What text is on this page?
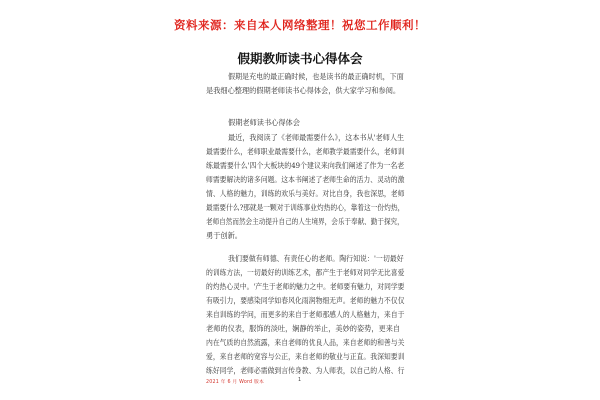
资料来源：来自本人网络整理！祝您工作顺利！
假期教师读书心得体会
假期是充电的最正确时候，也是读书的最正确时机，下面
是我细心整理的假期老师读书心得体会，供大家学习和参阅。
假期老师读书心得体会
最近，我阅读了《老师最需要什么》，这本书从'老师人生
最需要什么，老师职业最需要什么，老师教学最需要什么，老师训
练最需要什么'四个大板块的49个建议来向我们阐述了作为一名老
师需要解决的诸多问题。这本书阐述了老师生命的活力、灵动的激
情、人格的魅力，训练的欢乐与美好。对比自身，我也深思，老师
最需要什么?那就是一颗对于训练事业灼热的心，靠着这一份灼热，
老师自然而然会主动提升自己的人生境界，会乐于奉献、勤于探究，
勇于创新。
我们要做有师德、有责任心的老师。陶行知说：'一切最好
的训练方法，一切最好的训练艺术，都产生于老师对同学无比喜爱
的灼热心灵中。'产生于老师的魅力之中。老师要有魅力，对同学要
有吸引力，要感染同学如春风化雨润物细无声。老师的魅力不仅仅
来自训练的学问，而更多的来自于老师那感人的人格魅力，来自于
老师的仪表，服饰的淡吐，娴静的举止，美妙的姿势，更来自
内在气质的自然流露，来自老师的优良人品，来自老师的和善与关
爱，来自老师的宽容与公正，来自老师的敬业与正直。我深知要训
练好同学，老师必需做到言传身教、为人师表，以自己的人格、行
2021 年 6 月 Word 版本	1
